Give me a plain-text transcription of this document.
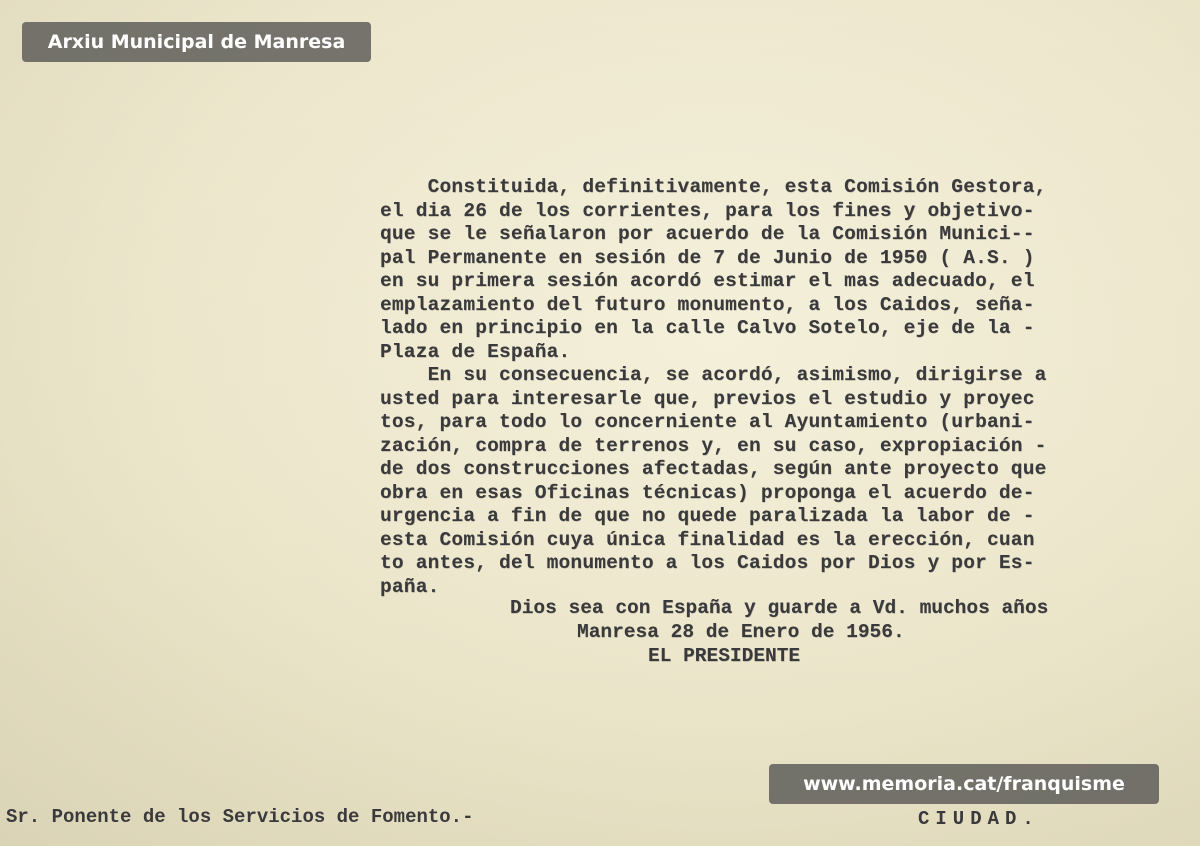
Arxiu Municipal de Manresa
Constituida, definitivamente, esta Comisión Gestora,
el dia 26 de los corrientes, para los fines y objetivo-
que se le señalaron por acuerdo de la Comisión Munici--
pal Permanente en sesión de 7 de Junio de 1950 ( A.S. )
en su primera sesión acordó estimar el mas adecuado, el
emplazamiento del futuro monumento, a los Caidos, seña-
lado en principio en la calle Calvo Sotelo, eje de la -
Plaza de España.
En su consecuencia, se acordó, asimismo, dirigirse a
usted para interesarle que, previos el estudio y proyec
tos, para todo lo concerniente al Ayuntamiento (urbani-
zación, compra de terrenos y, en su caso, expropiación -
de dos construcciones afectadas, según ante proyecto que
obra en esas Oficinas técnicas) proponga el acuerdo de-
urgencia a fin de que no quede paralizada la labor de -
esta Comisión cuya única finalidad es la erección, cuan
to antes, del monumento a los Caidos por Dios y por Es-
paña.
Dios sea con España y guarde a Vd. muchos años
Manresa 28 de Enero de 1956.
EL PRESIDENTE
www.memoria.cat/franquisme
Sr. Ponente de los Servicios de Fomento.-	CIUDAD.
